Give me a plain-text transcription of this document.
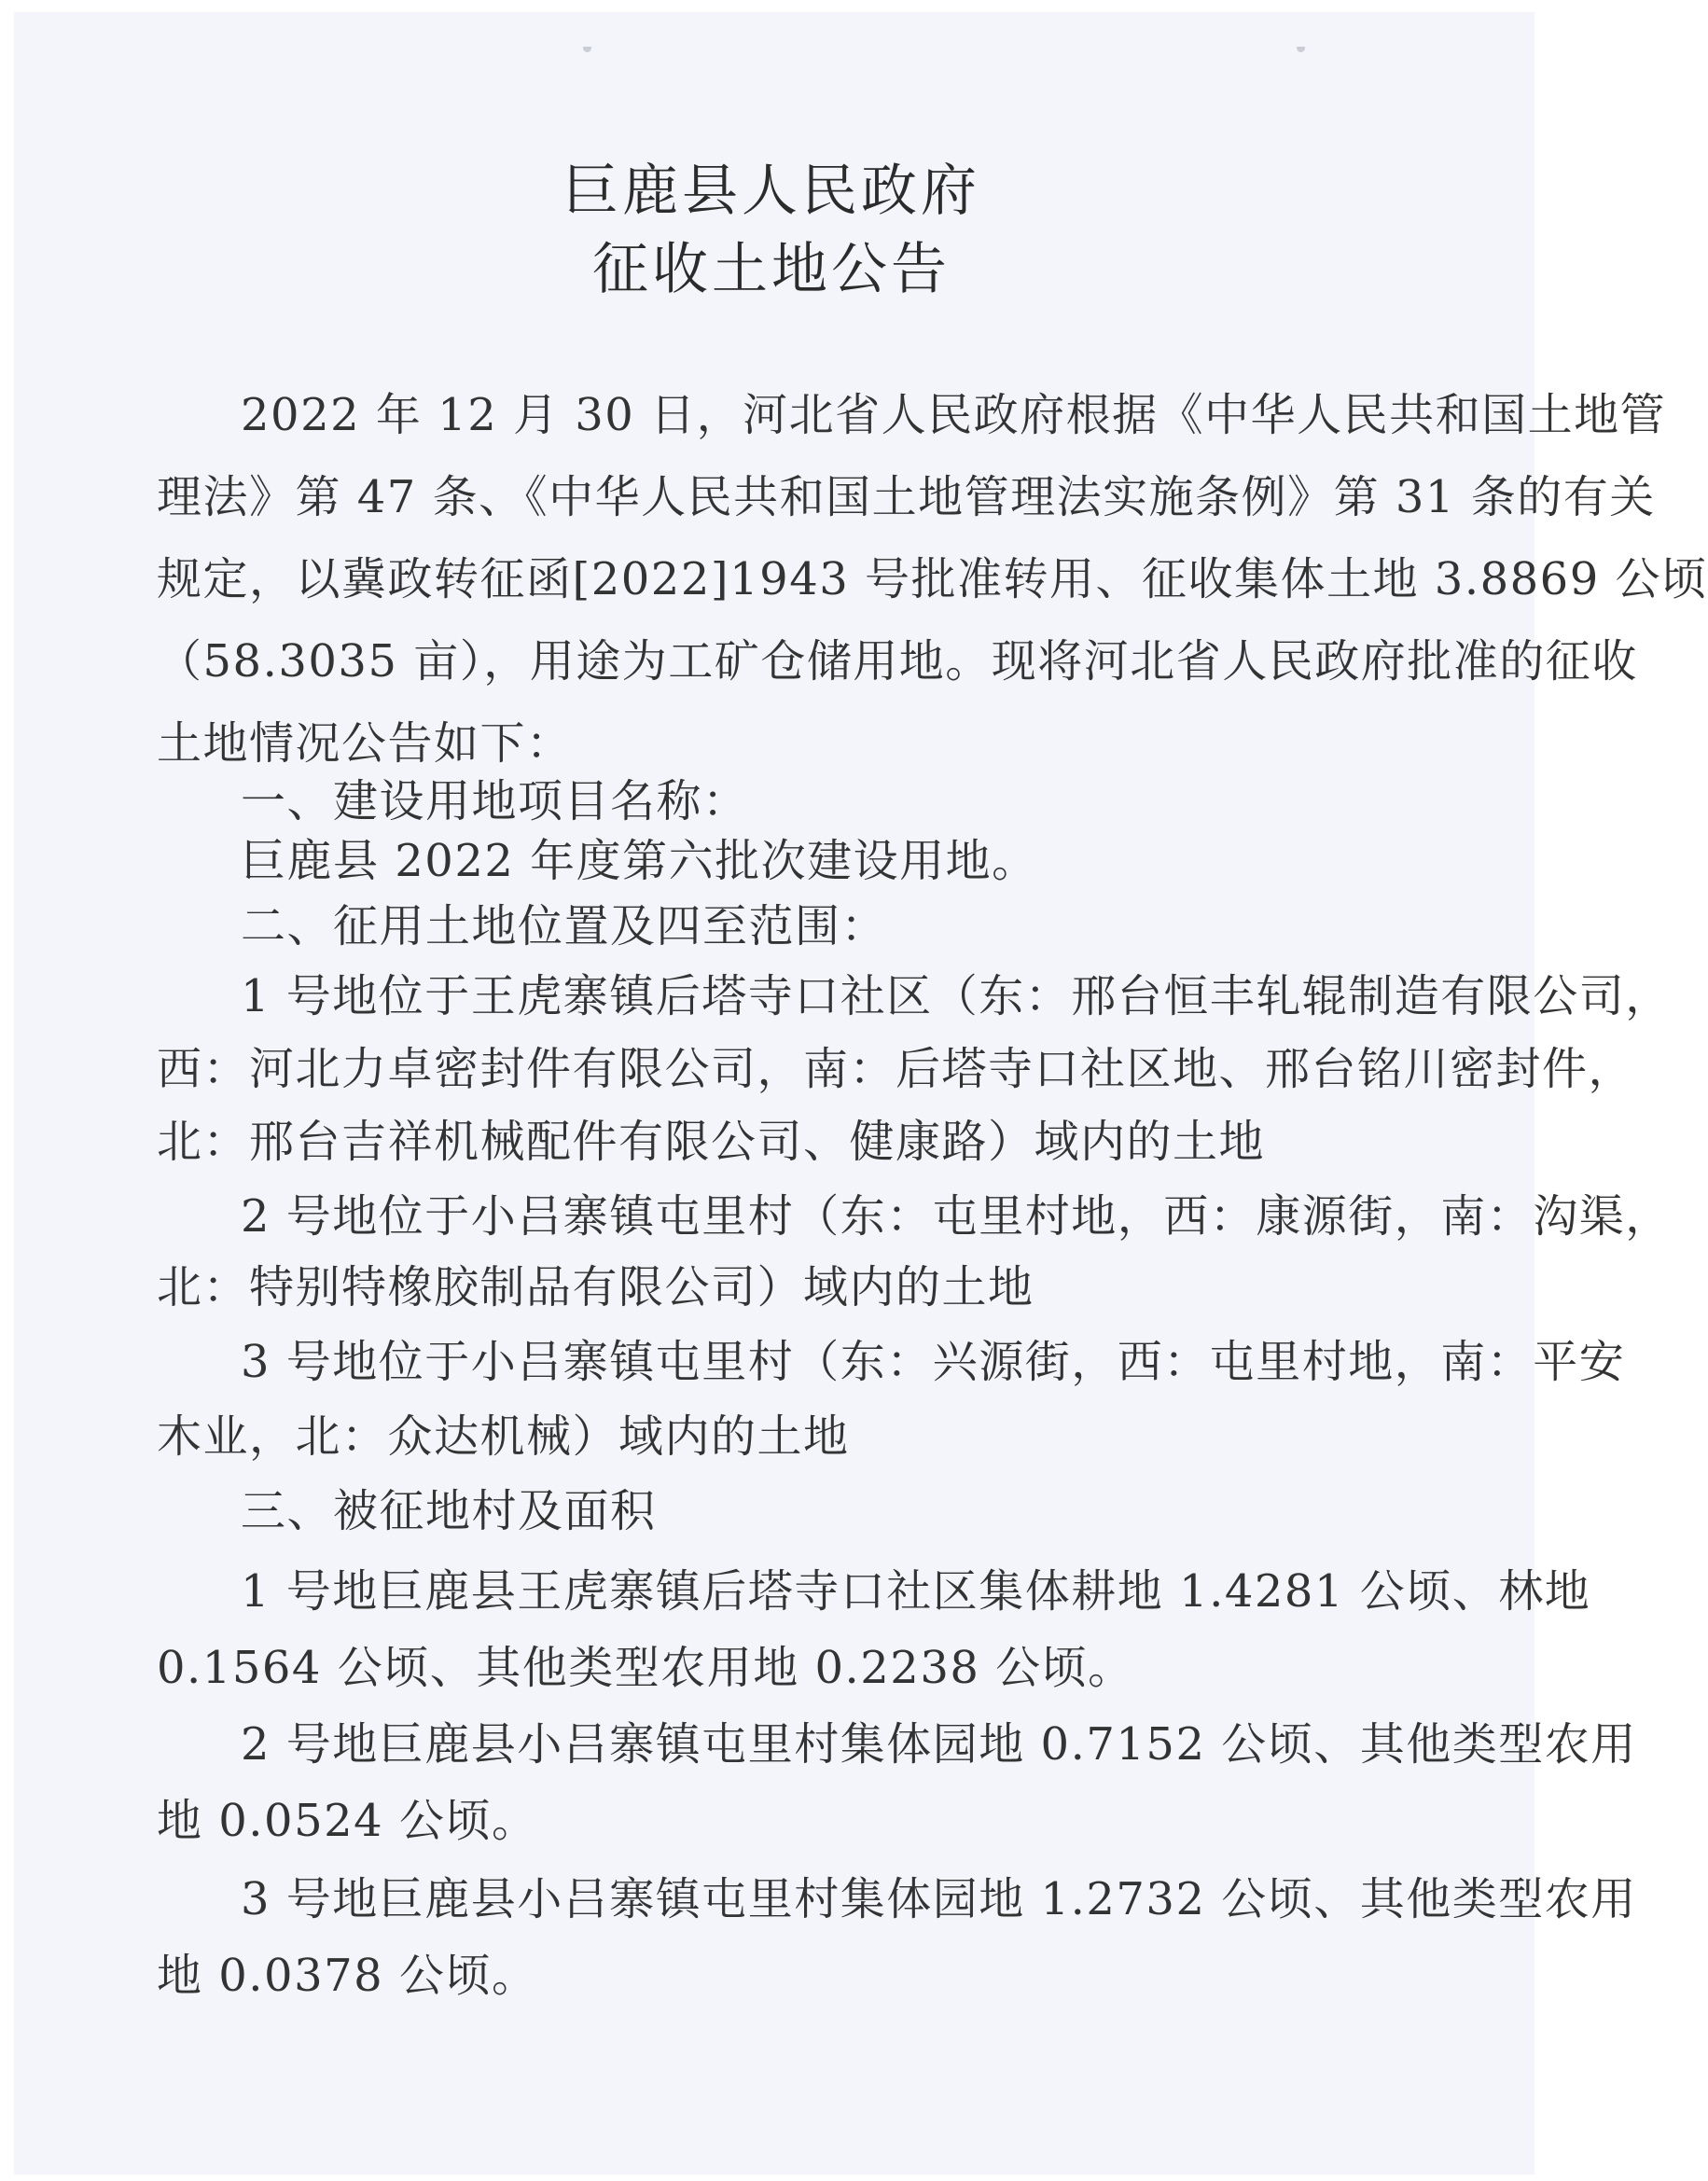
巨鹿县人民政府
征收土地公告
2022 年 12 月 30 日，河北省人民政府根据《中华人民共和国土地管
理法》第 47 条、《中华人民共和国土地管理法实施条例》第 31 条的有关
规定，以冀政转征函[2022]1943 号批准转用、征收集体土地 3.8869 公顷
（58.3035 亩），用途为工矿仓储用地。现将河北省人民政府批准的征收
土地情况公告如下：
一、建设用地项目名称：
巨鹿县 2022 年度第六批次建设用地。
二、征用土地位置及四至范围：
1 号地位于王虎寨镇后塔寺口社区（东：邢台恒丰轧辊制造有限公司，
西：河北力卓密封件有限公司，南：后塔寺口社区地、邢台铭川密封件，
北：邢台吉祥机械配件有限公司、健康路）域内的土地
2 号地位于小吕寨镇屯里村（东：屯里村地，西：康源街，南：沟渠，
北：特别特橡胶制品有限公司）域内的土地
3 号地位于小吕寨镇屯里村（东：兴源街，西：屯里村地，南：平安
木业，北：众达机械）域内的土地
三、被征地村及面积
1 号地巨鹿县王虎寨镇后塔寺口社区集体耕地 1.4281 公顷、林地
0.1564 公顷、其他类型农用地 0.2238 公顷。
2 号地巨鹿县小吕寨镇屯里村集体园地 0.7152 公顷、其他类型农用
地 0.0524 公顷。
3 号地巨鹿县小吕寨镇屯里村集体园地 1.2732 公顷、其他类型农用
地 0.0378 公顷。
